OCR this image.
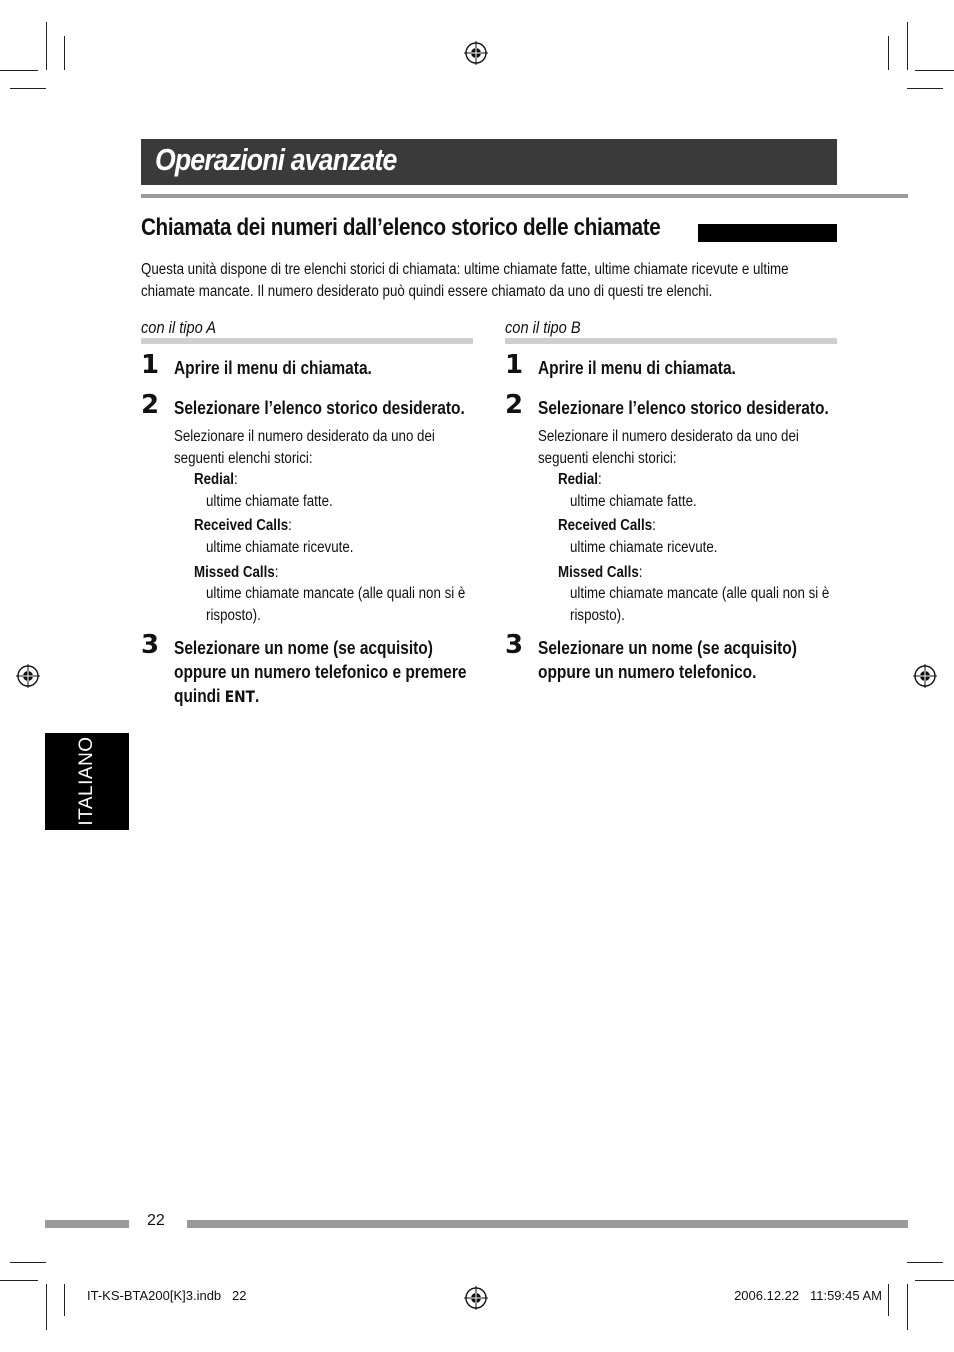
Operazioni avanzate
Chiamata dei numeri dall’elenco storico delle chiamate
Questa unità dispone di tre elenchi storici di chiamata: ultime chiamate fatte, ultime chiamate ricevute e ultime chiamate mancate. Il numero desiderato può quindi essere chiamato da uno di questi tre elenchi.
con il tipo A
1 Aprire il menu di chiamata.
2 Selezionare l’elenco storico desiderato.
Selezionare il numero desiderato da uno dei seguenti elenchi storici:
Redial:
ultime chiamate fatte.
Received Calls:
ultime chiamate ricevute.
Missed Calls:
ultime chiamate mancate (alle quali non si è risposto).
3 Selezionare un nome (se acquisito) oppure un numero telefonico e premere quindi ENT.
con il tipo B
1 Aprire il menu di chiamata.
2 Selezionare l’elenco storico desiderato.
Selezionare il numero desiderato da uno dei seguenti elenchi storici:
Redial:
ultime chiamate fatte.
Received Calls:
ultime chiamate ricevute.
Missed Calls:
ultime chiamate mancate (alle quali non si è risposto).
3 Selezionare un nome (se acquisito) oppure un numero telefonico.
ITALIANO
22
IT-KS-BTA200[K]3.indb   22	2006.12.22   11:59:45 AM
